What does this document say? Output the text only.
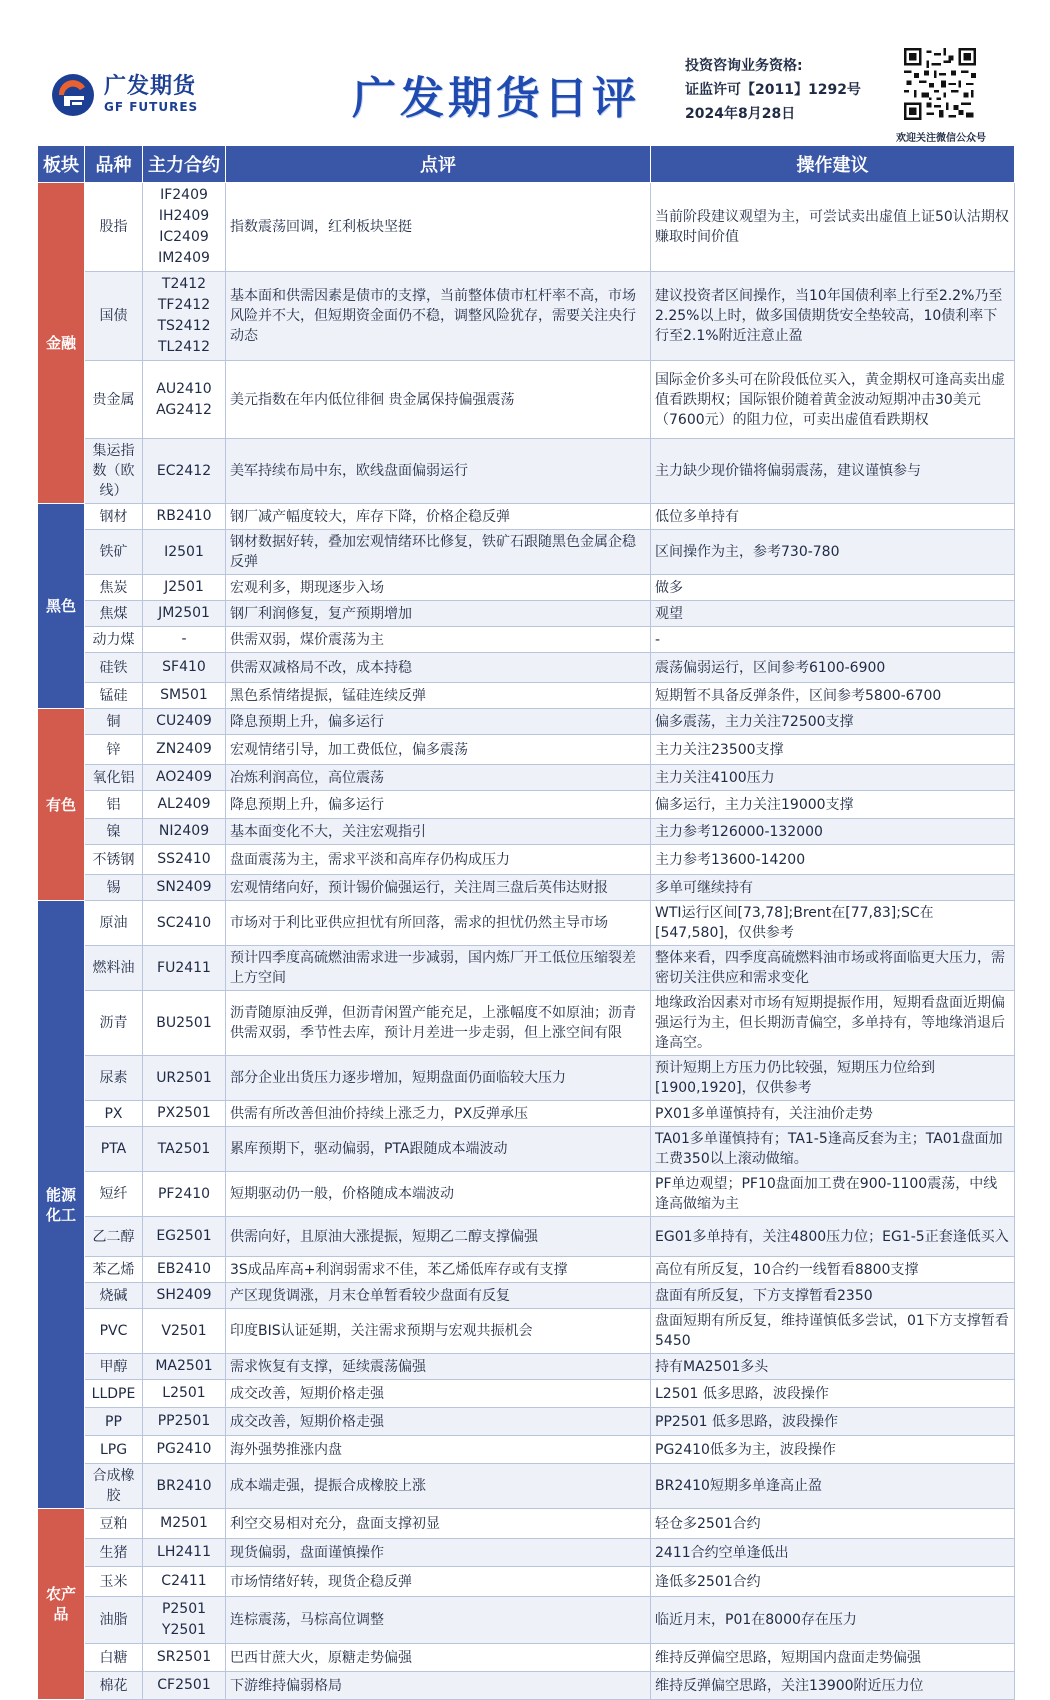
广发期货
GF FUTURES	广发期货日评
投资咨询业务资格:
证监许可【2011】1292号
2024年8月28日
欢迎关注微信公众号
板块	品种	主力合约	点评	操作建议
金融	股指	IF2409
IH2409
IC2409
IM2409	指数震荡回调，红利板块坚挺	当前阶段建议观望为主，可尝试卖出虚值上证50认沽期权赚取时间价值
	国债	T2412
TF2412
TS2412
TL2412	基本面和供需因素是债市的支撑，当前整体债市杠杆率不高，市场风险并不大，但短期资金面仍不稳，调整风险犹存，需要关注央行动态	建议投资者区间操作，当10年国债利率上行至2.2%乃至2.25%以上时，做多国债期货安全垫较高，10债利率下行至2.1%附近注意止盈
	贵金属	AU2410
AG2412	美元指数在年内低位徘徊 贵金属保持偏强震荡	国际金价多头可在阶段低位买入，黄金期权可逢高卖出虚值看跌期权；国际银价随着黄金波动短期冲击30美元（7600元）的阻力位，可卖出虚值看跌期权
	集运指数（欧线）	EC2412	美军持续布局中东，欧线盘面偏弱运行	主力缺少现价锚将偏弱震荡，建议谨慎参与
黑色	钢材	RB2410	钢厂减产幅度较大，库存下降，价格企稳反弹	低位多单持有
	铁矿	I2501	钢材数据好转，叠加宏观情绪环比修复，铁矿石跟随黑色金属企稳反弹	区间操作为主，参考730-780
	焦炭	J2501	宏观利多，期现逐步入场	做多
	焦煤	JM2501	钢厂利润修复，复产预期增加	观望
	动力煤	-	供需双弱，煤价震荡为主	-
	硅铁	SF410	供需双减格局不改，成本持稳	震荡偏弱运行，区间参考6100-6900
	锰硅	SM501	黑色系情绪提振，锰硅连续反弹	短期暂不具备反弹条件，区间参考5800-6700
有色	铜	CU2409	降息预期上升，偏多运行	偏多震荡，主力关注72500支撑
	锌	ZN2409	宏观情绪引导，加工费低位，偏多震荡	主力关注23500支撑
	氧化铝	AO2409	冶炼利润高位，高位震荡	主力关注4100压力
	铝	AL2409	降息预期上升，偏多运行	偏多运行，主力关注19000支撑
	镍	NI2409	基本面变化不大，关注宏观指引	主力参考126000-132000
	不锈钢	SS2410	盘面震荡为主，需求平淡和高库存仍构成压力	主力参考13600-14200
	锡	SN2409	宏观情绪向好，预计锡价偏强运行，关注周三盘后英伟达财报	多单可继续持有
能源化工	原油	SC2410	市场对于利比亚供应担忧有所回落，需求的担忧仍然主导市场	WTI运行区间[73,78];Brent在[77,83];SC在[547,580]，仅供参考
	燃料油	FU2411	预计四季度高硫燃油需求进一步减弱，国内炼厂开工低位压缩裂差上方空间	整体来看，四季度高硫燃料油市场或将面临更大压力，需密切关注供应和需求变化
	沥青	BU2501	沥青随原油反弹，但沥青闲置产能充足，上涨幅度不如原油；沥青供需双弱，季节性去库，预计月差进一步走弱，但上涨空间有限	地缘政治因素对市场有短期提振作用，短期看盘面近期偏强运行为主，但长期沥青偏空，多单持有，等地缘消退后逢高空。
	尿素	UR2501	部分企业出货压力逐步增加，短期盘面仍面临较大压力	预计短期上方压力仍比较强，短期压力位给到[1900,1920]，仅供参考
	PX	PX2501	供需有所改善但油价持续上涨乏力，PX反弹承压	PX01多单谨慎持有，关注油价走势
	PTA	TA2501	累库预期下，驱动偏弱，PTA跟随成本端波动	TA01多单谨慎持有；TA1-5逢高反套为主；TA01盘面加工费350以上滚动做缩。
	短纤	PF2410	短期驱动仍一般，价格随成本端波动	PF单边观望；PF10盘面加工费在900-1100震荡，中线逢高做缩为主
	乙二醇	EG2501	供需向好，且原油大涨提振，短期乙二醇支撑偏强	EG01多单持有，关注4800压力位；EG1-5正套逢低买入
	苯乙烯	EB2410	3S成品库高+利润弱需求不佳，苯乙烯低库存或有支撑	高位有所反复，10合约一线暂看8800支撑
	烧碱	SH2409	产区现货调涨，月末仓单暂看较少盘面有反复	盘面有所反复，下方支撑暂看2350
	PVC	V2501	印度BIS认证延期，关注需求预期与宏观共振机会	盘面短期有所反复，维持谨慎低多尝试，01下方支撑暂看5450
	甲醇	MA2501	需求恢复有支撑，延续震荡偏强	持有MA2501多头
	LLDPE	L2501	成交改善，短期价格走强	L2501 低多思路，波段操作
	PP	PP2501	成交改善，短期价格走强	PP2501 低多思路，波段操作
	LPG	PG2410	海外强势推涨内盘	PG2410低多为主，波段操作
	合成橡胶	BR2410	成本端走强，提振合成橡胶上涨	BR2410短期多单逢高止盈
农产品	豆粕	M2501	利空交易相对充分，盘面支撑初显	轻仓多2501合约
	生猪	LH2411	现货偏弱，盘面谨慎操作	2411合约空单逢低出
	玉米	C2411	市场情绪好转，现货企稳反弹	逢低多2501合约
	油脂	P2501
Y2501	连棕震荡，马棕高位调整	临近月末，P01在8000存在压力
	白糖	SR2501	巴西甘蔗大火，原糖走势偏强	维持反弹偏空思路，短期国内盘面走势偏强
	棉花	CF2501	下游维持偏弱格局	维持反弹偏空思路，关注13900附近压力位
